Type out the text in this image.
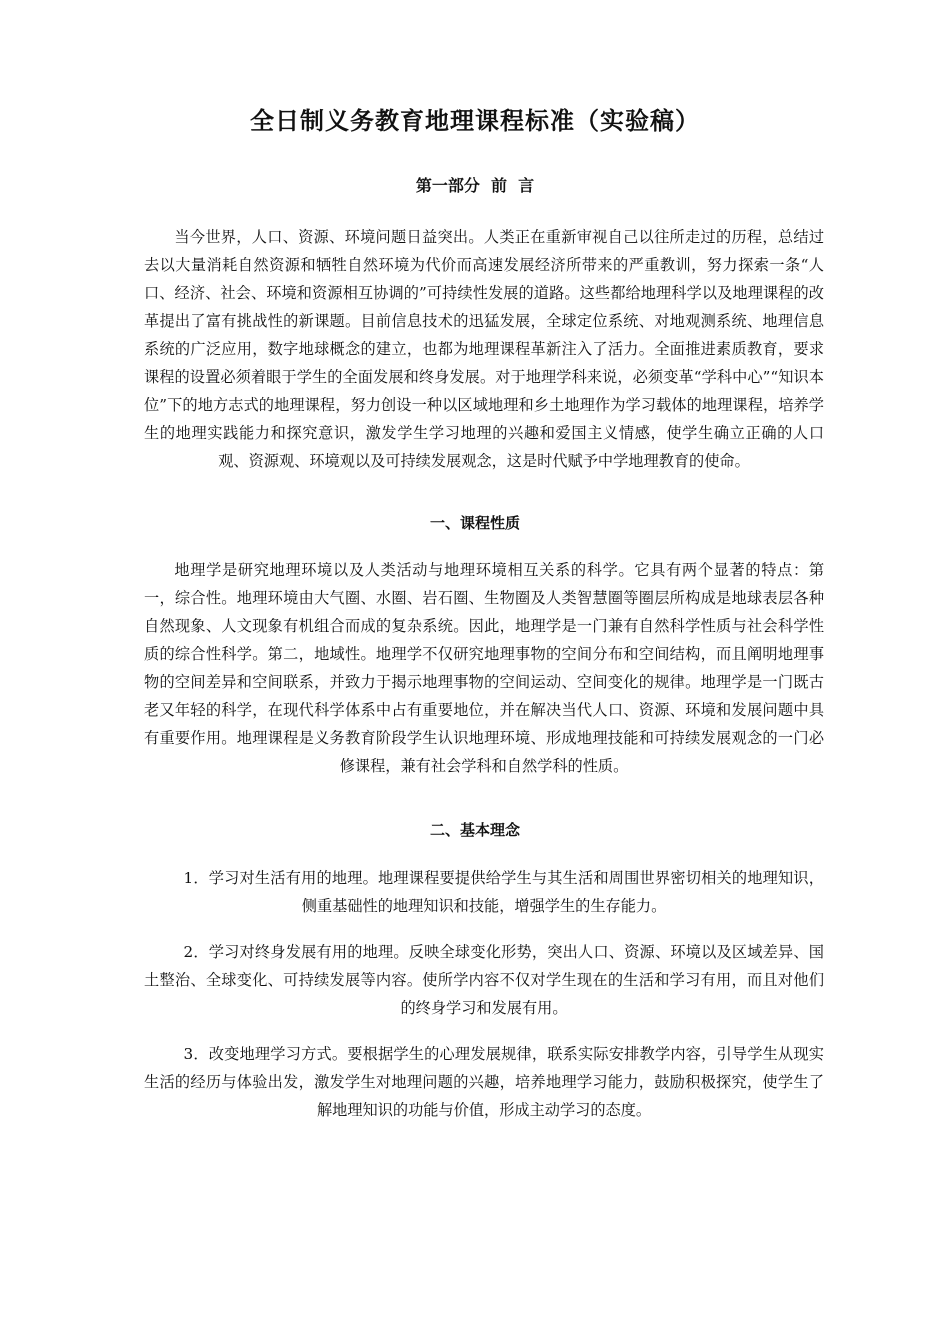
全日制义务教育地理课程标准（实验稿）
第一部分  前  言

当今世界，人口、资源、环境问题日益突出。人类正在重新审视自己以往所走过的历程，总结过去以大量消耗自然资源和牺牲自然环境为代价而高速发展经济所带来的严重教训，努力探索一条“人口、经济、社会、环境和资源相互协调的”可持续性发展的道路。这些都给地理科学以及地理课程的改革提出了富有挑战性的新课题。目前信息技术的迅猛发展，全球定位系统、对地观测系统、地理信息系统的广泛应用，数字地球概念的建立，也都为地理课程革新注入了活力。全面推进素质教育，要求课程的设置必须着眼于学生的全面发展和终身发展。对于地理学科来说，必须变革“学科中心”“知识本位”下的地方志式的地理课程，努力创设一种以区域地理和乡土地理作为学习载体的地理课程，培养学生的地理实践能力和探究意识，激发学生学习地理的兴趣和爱国主义情感，使学生确立正确的人口观、资源观、环境观以及可持续发展观念，这是时代赋予中学地理教育的使命。

一、课程性质

地理学是研究地理环境以及人类活动与地理环境相互关系的科学。它具有两个显著的特点：第一，综合性。地理环境由大气圈、水圈、岩石圈、生物圈及人类智慧圈等圈层所构成是地球表层各种自然现象、人文现象有机组合而成的复杂系统。因此，地理学是一门兼有自然科学性质与社会科学性质的综合性科学。第二，地域性。地理学不仅研究地理事物的空间分布和空间结构，而且阐明地理事物的空间差异和空间联系，并致力于揭示地理事物的空间运动、空间变化的规律。地理学是一门既古老又年轻的科学，在现代科学体系中占有重要地位，并在解决当代人口、资源、环境和发展问题中具有重要作用。地理课程是义务教育阶段学生认识地理环境、形成地理技能和可持续发展观念的一门必修课程，兼有社会学科和自然学科的性质。

二、基本理念

1．学习对生活有用的地理。地理课程要提供给学生与其生活和周围世界密切相关的地理知识，侧重基础性的地理知识和技能，增强学生的生存能力。

2．学习对终身发展有用的地理。反映全球变化形势，突出人口、资源、环境以及区域差异、国土整治、全球变化、可持续发展等内容。使所学内容不仅对学生现在的生活和学习有用，而且对他们的终身学习和发展有用。

3．改变地理学习方式。要根据学生的心理发展规律，联系实际安排教学内容，引导学生从现实生活的经历与体验出发，激发学生对地理问题的兴趣，培养地理学习能力，鼓励积极探究，使学生了解地理知识的功能与价值，形成主动学习的态度。
